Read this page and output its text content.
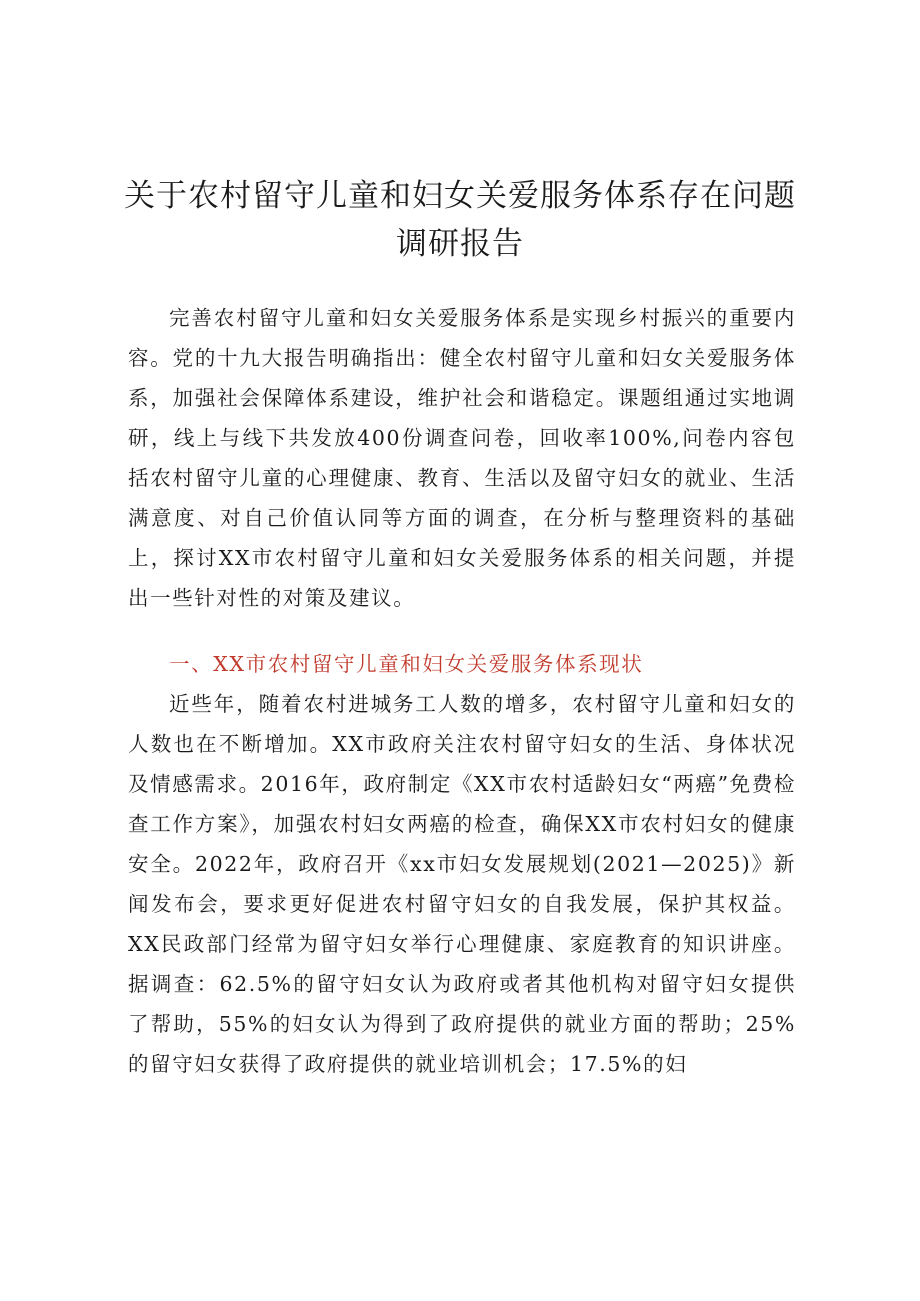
关于农村留守儿童和妇女关爱服务体系存在问题调研报告

完善农村留守儿童和妇女关爱服务体系是实现乡村振兴的重要内容。党的十九大报告明确指出：健全农村留守儿童和妇女关爱服务体系，加强社会保障体系建设，维护社会和谐稳定。课题组通过实地调研，线上与线下共发放400份调查问卷，回收率100%,问卷内容包括农村留守儿童的心理健康、教育、生活以及留守妇女的就业、生活满意度、对自己价值认同等方面的调查，在分析与整理资料的基础上，探讨XX市农村留守儿童和妇女关爱服务体系的相关问题，并提出一些针对性的对策及建议。

一、XX市农村留守儿童和妇女关爱服务体系现状

近些年，随着农村进城务工人数的增多，农村留守儿童和妇女的人数也在不断增加。XX市政府关注农村留守妇女的生活、身体状况及情感需求。2016年，政府制定《XX市农村适龄妇女“两癌”免费检查工作方案》，加强农村妇女两癌的检查，确保XX市农村妇女的健康安全。2022年，政府召开《xx市妇女发展规划(2021—2025)》新闻发布会，要求更好促进农村留守妇女的自我发展，保护其权益。XX民政部门经常为留守妇女举行心理健康、家庭教育的知识讲座。据调查：62.5%的留守妇女认为政府或者其他机构对留守妇女提供了帮助，55%的妇女认为得到了政府提供的就业方面的帮助；25%的留守妇女获得了政府提供的就业培训机会；17.5%的妇
